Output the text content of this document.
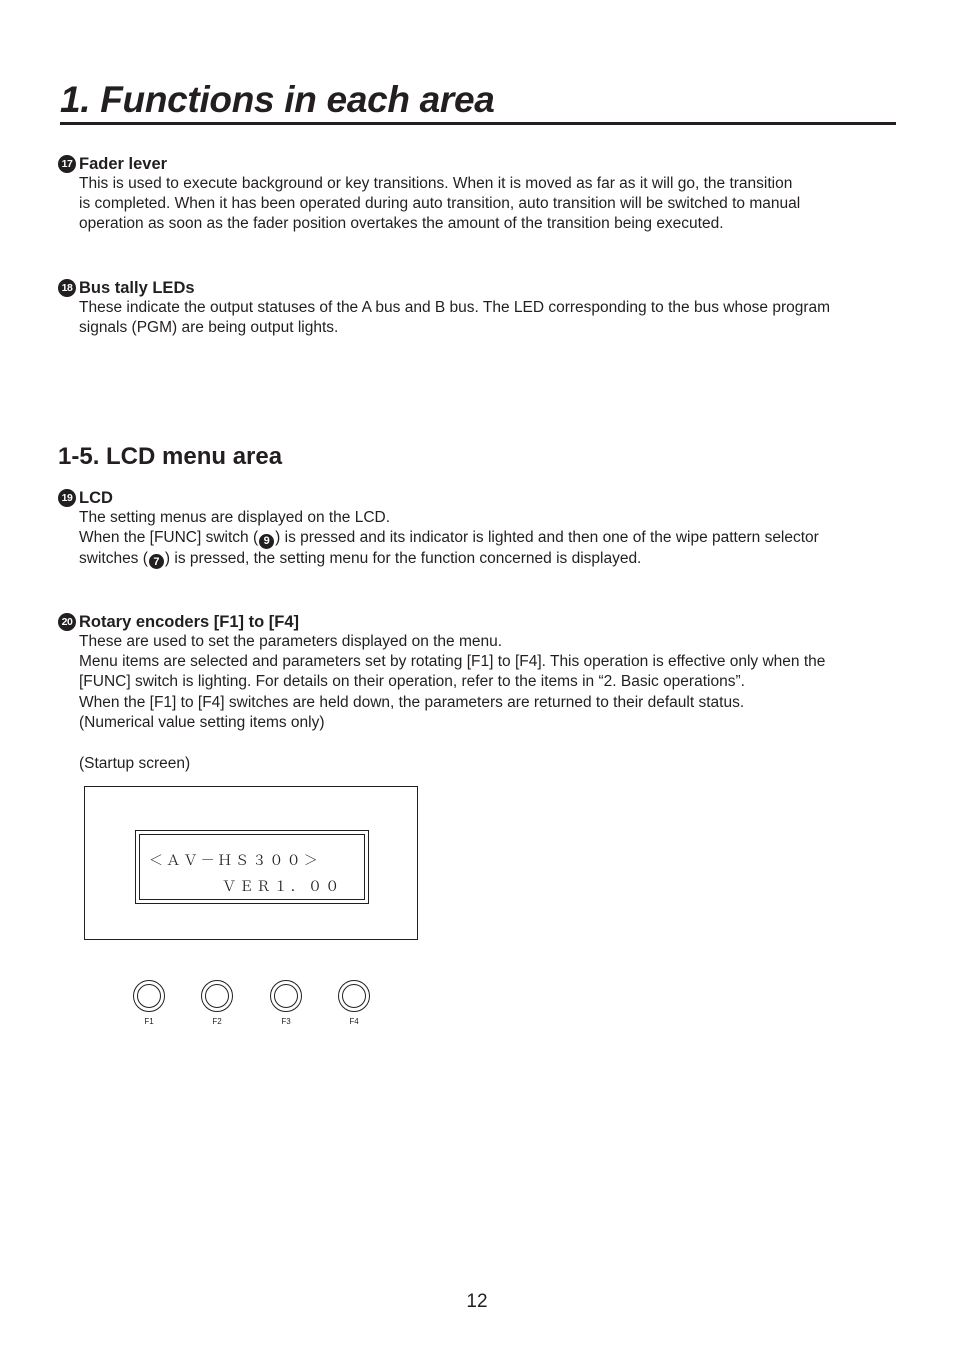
1. Functions in each area
17 Fader lever

This is used to execute background or key transitions. When it is moved as far as it will go, the transition

is completed. When it has been operated during auto transition, auto transition will be switched to manual

operation as soon as the fader position overtakes the amount of the transition being executed.

18 Bus tally LEDs

These indicate the output statuses of the A bus and B bus. The LED corresponding to the bus whose program

signals (PGM) are being output lights.

1-5. LCD menu area
19 LCD

The setting menus are displayed on the LCD.

When the [FUNC] switch ( 9 ) is pressed and its indicator is lighted and then one of the wipe pattern selector

switches ( 7 ) is pressed, the setting menu for the function concerned is displayed.

20 Rotary encoders [F1] to [F4]

These are used to set the parameters displayed on the menu.

Menu items are selected and parameters set by rotating [F1] to [F4]. This operation is effective only when the

[FUNC] switch is lighting. For details on their operation, refer to the items in “2. Basic operations”.

When the [F1] to [F4] switches are held down, the parameters are returned to their default status.

(Numerical value setting items only)

(Startup screen)
＜ＡＶ－ＨＳ３００＞
ＶＥＲ１．００
F1	F2	F3	F4
12
